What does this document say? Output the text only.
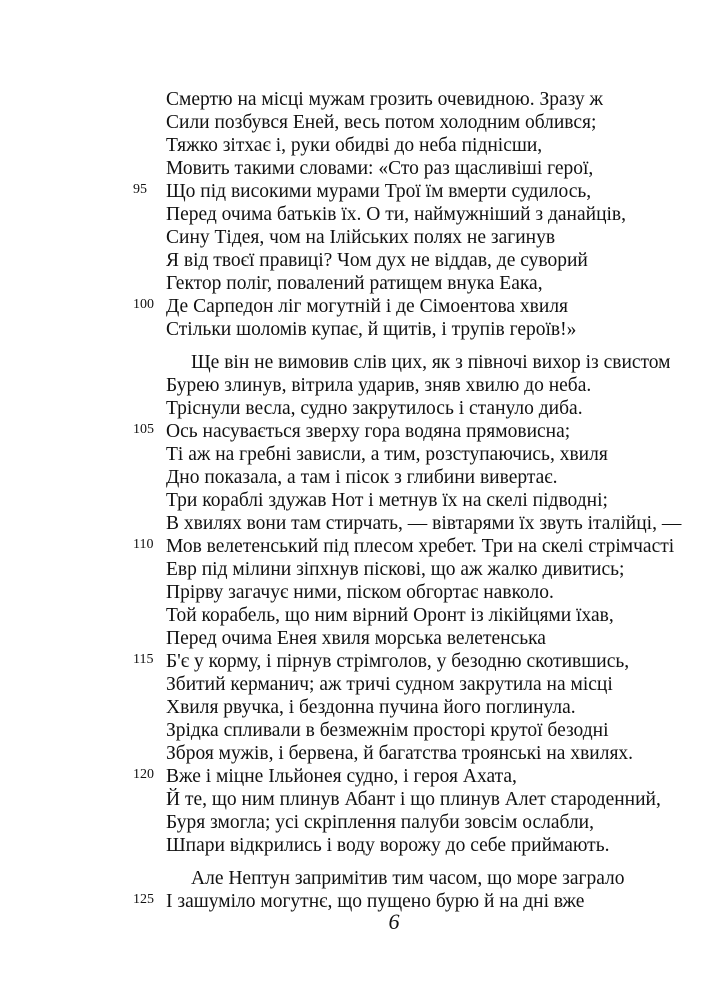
Смертю на місці мужам грозить очевидною. Зразу ж
Сили позбувся Еней, весь потом холодним облився;
Тяжко зітхає і, руки обидві до неба піднісши,
Мовить такими словами: «Сто раз щасливіші герої,
Що під високими мурами Трої їм вмерти судилось,
Перед очима батьків їх. О ти, наймужніший з данайців,
Сину Тідея, чом на Ілійських полях не загинув
Я від твоєї правиці? Чом дух не віддав, де суворий
Гектор поліг, повалений ратищем внука Еака,
Де Сарпедон ліг могутній і де Сімоентова хвиля
Стільки шоломів купає, й щитів, і трупів героїв!»
Ще він не вимовив слів цих, як з півночі вихор із свистом
Бурею злинув, вітрила ударив, зняв хвилю до неба.
Тріснули весла, судно закрутилось і стануло диба.
Ось насувається зверху гора водяна прямовисна;
Ті аж на гребні зависли, а тим, розступаючись, хвиля
Дно показала, а там і пісок з глибини вивертає.
Три кораблі здужав Нот і метнув їх на скелі підводні;
В хвилях вони там стирчать, — вівтарями їх звуть італійці, —
Мов велетенський під плесом хребет. Три на скелі стрімчасті
Евр під мілини зіпхнув піскові, що аж жалко дивитись;
Прірву загачує ними, піском обгортає навколо.
Той корабель, що ним вірний Оронт із лікійцями їхав,
Перед очима Енея хвиля морська велетенська
Б'є у корму, і пірнув стрімголов, у безодню скотившись,
Збитий керманич; аж тричі судном закрутила на місці
Хвиля рвучка, і бездонна пучина його поглинула.
Зрідка спливали в безмежнім просторі крутої безодні
Зброя мужів, і бервена, й багатства троянські на хвилях.
Вже і міцне Ільйонея судно, і героя Ахата,
Й те, що ним плинув Абант і що плинув Алет староденний,
Буря змогла; усі скріплення палуби зовсім ослабли,
Шпари відкрились і воду ворожу до себе приймають.
Але Нептун запримітив тим часом, що море заграло
І зашуміло могутнє, що пущено бурю й на дні вже
95
100
105
110
115
120
125
6
